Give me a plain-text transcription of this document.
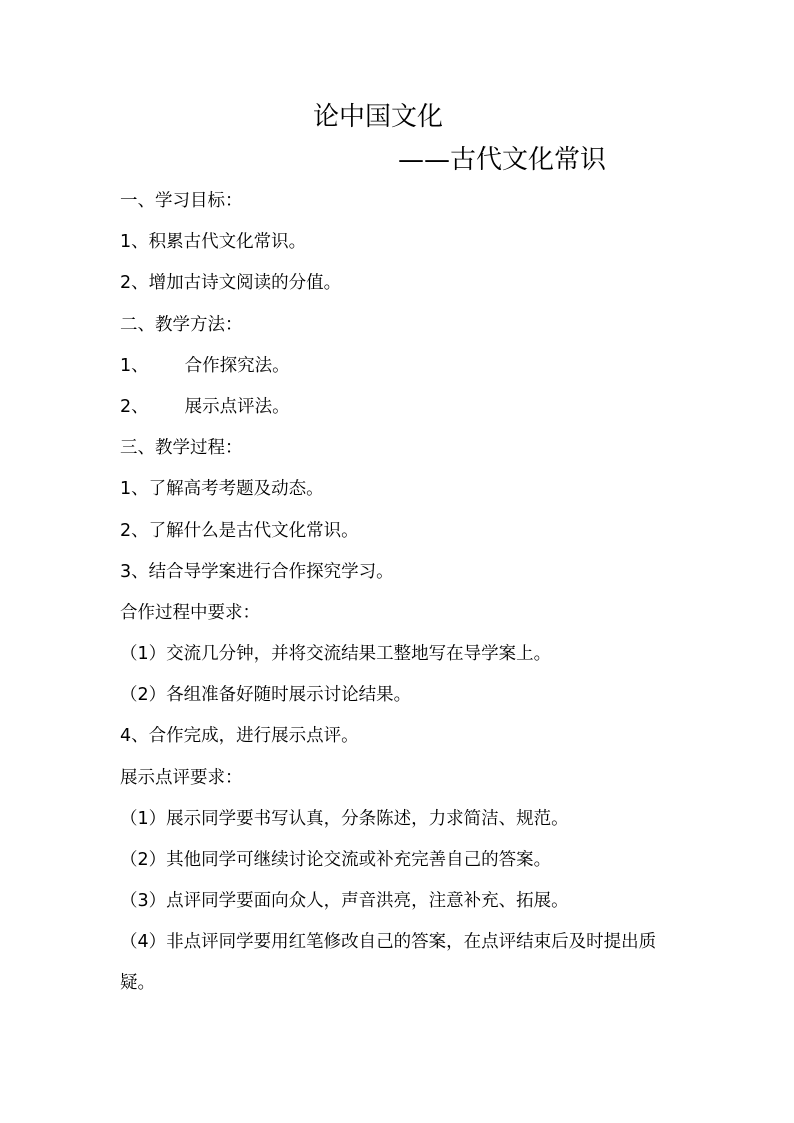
论中国文化
——古代文化常识
一、学习目标：
1、积累古代文化常识。
2、增加古诗文阅读的分值。
二、教学方法：
1、 合作探究法。
2、 展示点评法。
三、教学过程：
1、了解高考考题及动态。
2、了解什么是古代文化常识。
3、结合导学案进行合作探究学习。
合作过程中要求：
（1）交流几分钟，并将交流结果工整地写在导学案上。
（2）各组准备好随时展示讨论结果。
4、合作完成，进行展示点评。
展示点评要求：
（1）展示同学要书写认真，分条陈述，力求简洁、规范。
（2）其他同学可继续讨论交流或补充完善自己的答案。
（3）点评同学要面向众人，声音洪亮，注意补充、拓展。
（4）非点评同学要用红笔修改自己的答案，在点评结束后及时提出质疑。
